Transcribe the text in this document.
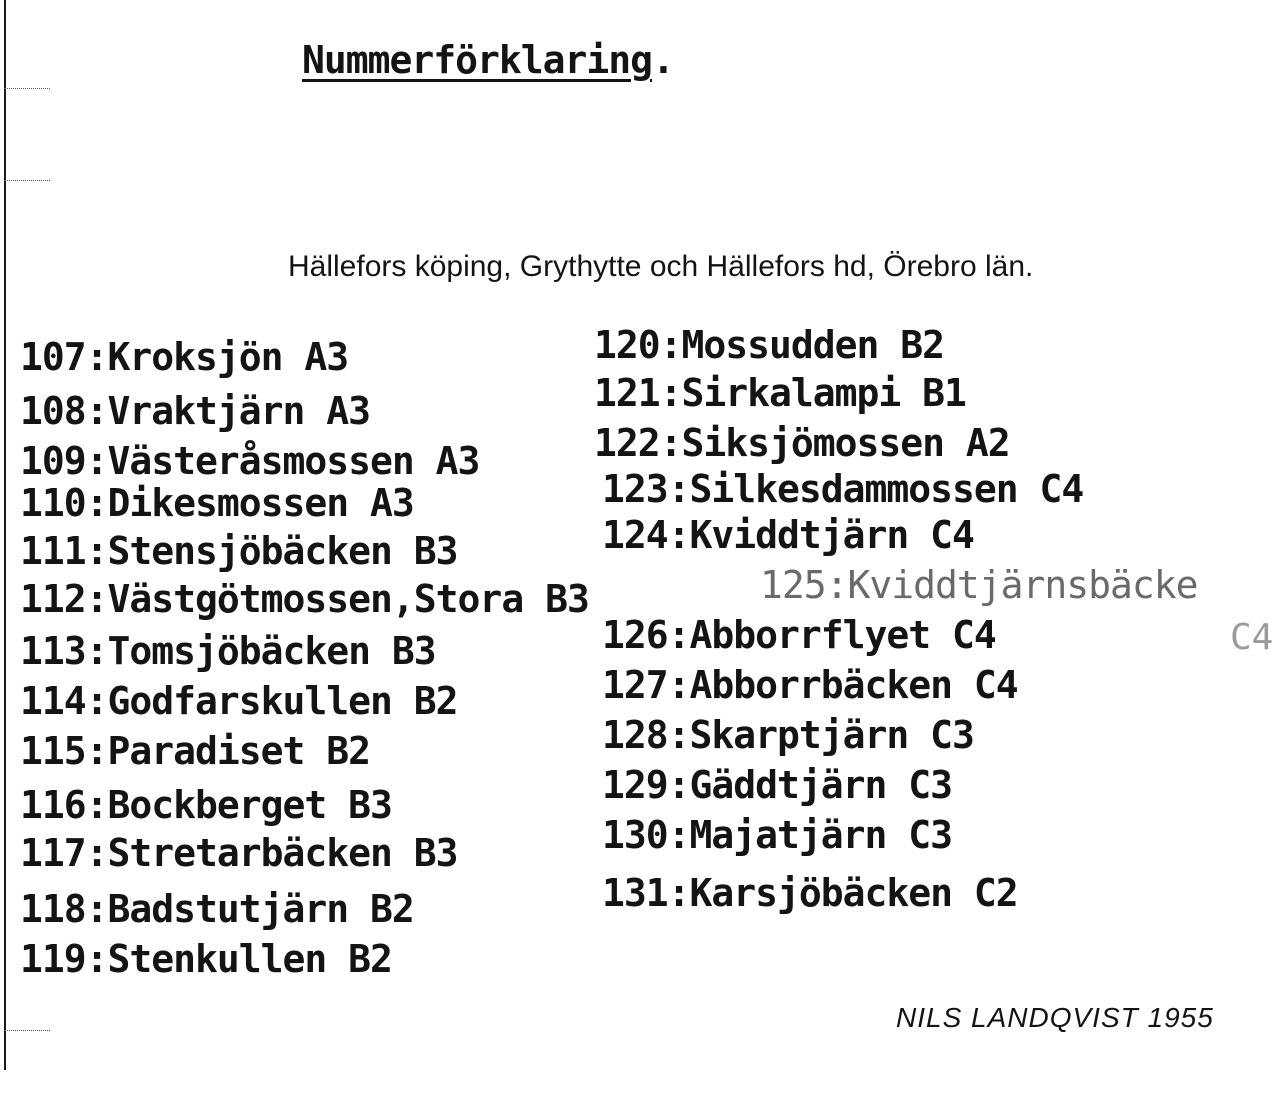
Nummerförklaring.
Hällefors köping, Grythytte och Hällefors hd, Örebro län.
107:Kroksjön A3
108:Vraktjärn A3
109:Västeråsmossen A3
110:Dikesmossen A3
111:Stensjöbäcken B3
112:Västgötmossen,Stora B3
113:Tomsjöbäcken B3
114:Godfarskullen B2
115:Paradiset B2
116:Bockberget B3
117:Stretarbäcken B3
118:Badstutjärn B2
119:Stenkullen B2
120:Mossudden B2
121:Sirkalampi B1
122:Siksjömossen A2
123:Silkesdammossen C4
124:Kviddtjärn C4
125:Kviddtjärnsbäcke
126:Abborrflyet C4
127:Abborrbäcken C4
128:Skarptjärn C3
129:Gäddtjärn C3
130:Majatjärn C3
131:Karsjöbäcken C2
C4
NILS LANDQVIST 1955
